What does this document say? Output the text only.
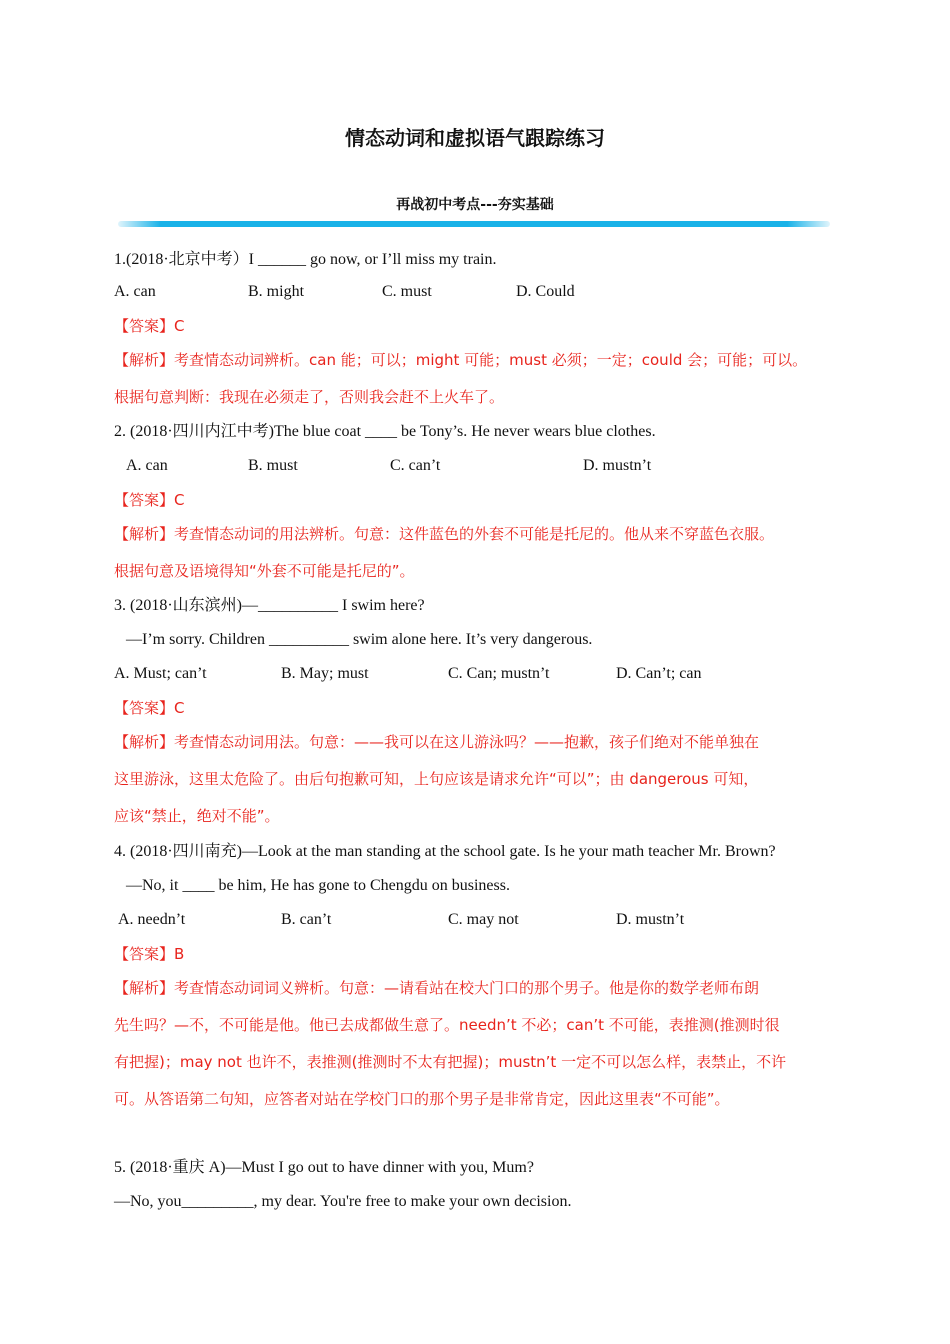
情态动词和虚拟语气跟踪练习
再战初中考点---夯实基础
1.(2018·北京中考）I ______ go now, or I’ll miss my train.
A. can	B. might	C. must	D. Could
【答案】C
【解析】考查情态动词辨析。can 能；可以；might 可能；must 必须；一定；could 会；可能；可以。
根据句意判断：我现在必须走了，否则我会赶不上火车了。
2. (2018·四川内江中考)The blue coat ____ be Tony’s. He never wears blue clothes.
A. can	B. must	C. can’t	D. mustn’t
【答案】C
【解析】考查情态动词的用法辨析。句意：这件蓝色的外套不可能是托尼的。他从来不穿蓝色衣服。
根据句意及语境得知“外套不可能是托尼的”。
3. (2018·山东滨州)—__________ I swim here?
—I’m sorry. Children __________ swim alone here. It’s very dangerous.
A. Must; can’t	B. May; must	C. Can; mustn’t	D. Can’t; can
【答案】C
【解析】考查情态动词用法。句意：——我可以在这儿游泳吗？——抱歉，孩子们绝对不能单独在
这里游泳，这里太危险了。由后句抱歉可知，上句应该是请求允许“可以”；由 dangerous 可知，
应该“禁止，绝对不能”。
4. (2018·四川南充)—Look at the man standing at the school gate. Is he your math teacher Mr. Brown?
—No, it ____ be him, He has gone to Chengdu on business.
A. needn’t	B. can’t	C. may not	D. mustn’t
【答案】B
【解析】考查情态动词词义辨析。句意：—请看站在校大门口的那个男子。他是你的数学老师布朗
先生吗？—不，不可能是他。他已去成都做生意了。needn’t 不必；can’t 不可能，表推测(推测时很
有把握)；may not 也许不，表推测(推测时不太有把握)；mustn’t 一定不可以怎么样，表禁止，不许
可。从答语第二句知，应答者对站在学校门口的那个男子是非常肯定，因此这里表“不可能”。
5. (2018·重庆 A)—Must I go out to have dinner with you, Mum?
—No, you_________, my dear. You're free to make your own decision.
